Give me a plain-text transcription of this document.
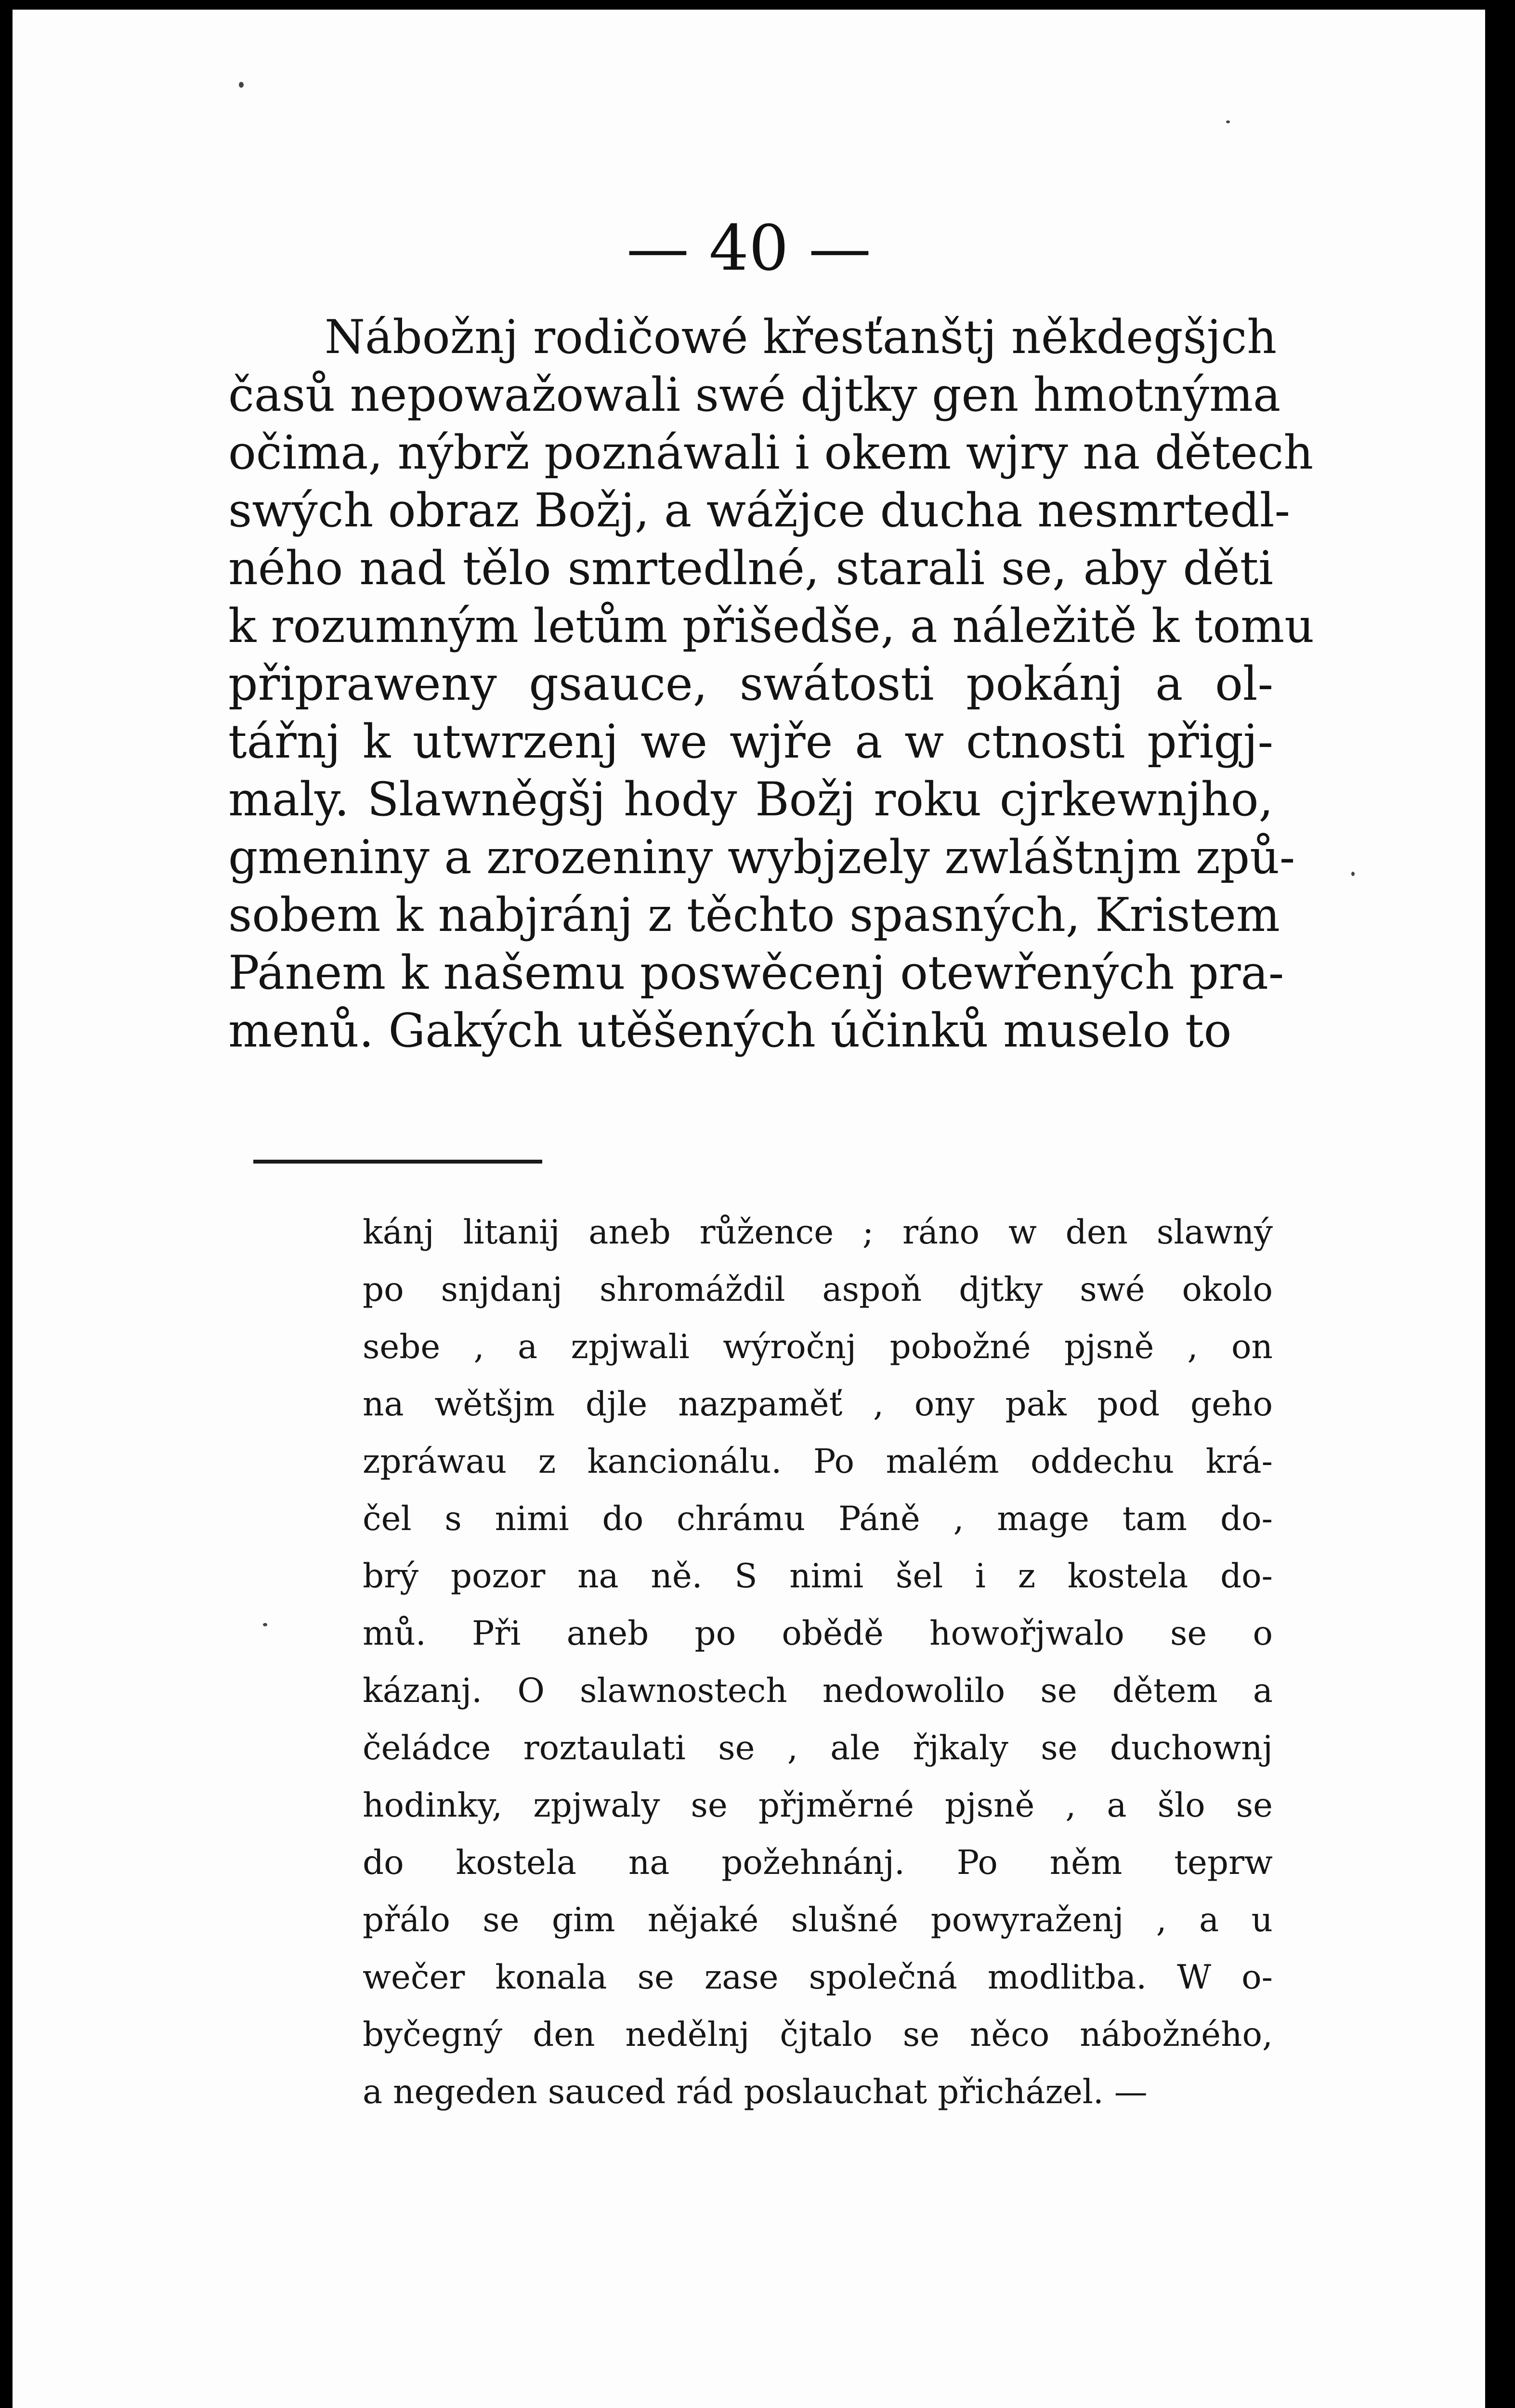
— 40 —
Nábožnj rodičowé křesťanštj někdegšjch
časů nepowažowali swé djtky gen hmotnýma
očima, nýbrž poznáwali i okem wjry na dětech
swých obraz Božj, a wážjce ducha nesmrtedl-
ného nad tělo smrtedlné, starali se, aby děti
k rozumným letům přišedše, a náležitě k tomu
připraweny gsauce, swátosti pokánj a ol-
tářnj k utwrzenj we wjře a w ctnosti přigj-
maly. Slawněgšj hody Božj roku cjrkewnjho,
gmeniny a zrozeniny wybjzely zwláštnjm způ-
sobem k nabjránj z těchto spasných, Kristem
Pánem k našemu poswěcenj otewřených pra-
menů. Gakých utěšených účinků muselo to
kánj litanij aneb růžence ; ráno w den slawný
po snjdanj shromáždil aspoň djtky swé okolo
sebe , a zpjwali wýročnj pobožné pjsně , on
na wětšjm djle nazpaměť , ony pak pod geho
zpráwau z kancionálu. Po malém oddechu krá-
čel s nimi do chrámu Páně , mage tam do-
brý pozor na ně. S nimi šel i z kostela do-
mů. Při aneb po obědě howořjwalo se o
kázanj. O slawnostech nedowolilo se dětem a
čeládce roztaulati se , ale řjkaly se duchownj
hodinky, zpjwaly se přjměrné pjsně , a šlo se
do kostela na požehnánj. Po něm teprw
přálo se gim nějaké slušné powyraženj , a u
wečer konala se zase společná modlitba. W o-
byčegný den nedělnj čjtalo se něco nábožného,
a negeden sauсed rád poslauchat přicházel. —
